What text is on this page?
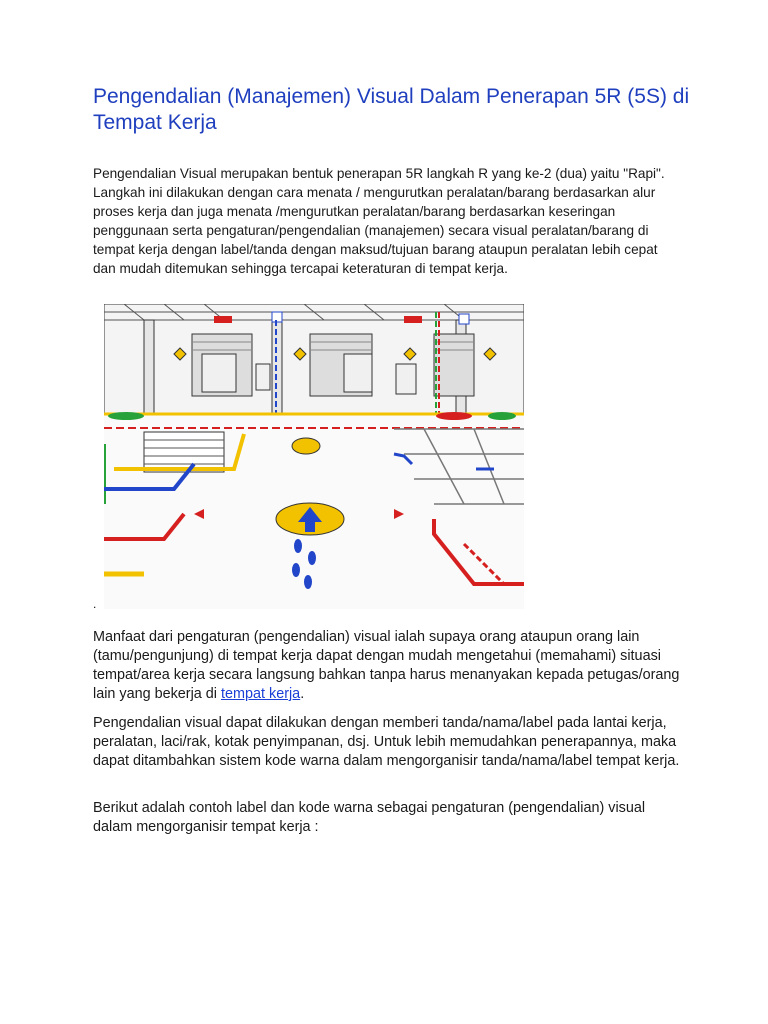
Pengendalian (Manajemen) Visual Dalam Penerapan 5R (5S) di Tempat Kerja

Pengendalian Visual merupakan bentuk penerapan 5R langkah R yang ke-2 (dua) yaitu "Rapi". Langkah ini dilakukan dengan cara menata / mengurutkan peralatan/barang berdasarkan alur proses kerja dan juga menata /mengurutkan peralatan/barang berdasarkan keseringan penggunaan serta pengaturan/pengendalian (manajemen) secara visual peralatan/barang di tempat kerja dengan label/tanda dengan maksud/tujuan barang ataupun peralatan lebih cepat dan mudah ditemukan sehingga tercapai keteraturan di tempat kerja.

.

Manfaat dari pengaturan (pengendalian) visual ialah supaya orang ataupun orang lain (tamu/pengunjung) di tempat kerja dapat dengan mudah mengetahui (memahami) situasi tempat/area kerja secara langsung bahkan tanpa harus menanyakan kepada petugas/orang lain yang bekerja di tempat kerja.

Pengendalian visual dapat dilakukan dengan memberi tanda/nama/label pada lantai kerja, peralatan, laci/rak, kotak penyimpanan, dsj. Untuk lebih memudahkan penerapannya, maka dapat ditambahkan sistem kode warna dalam mengorganisir tanda/nama/label tempat kerja.

Berikut adalah contoh label dan kode warna sebagai pengaturan (pengendalian) visual dalam mengorganisir tempat kerja :
